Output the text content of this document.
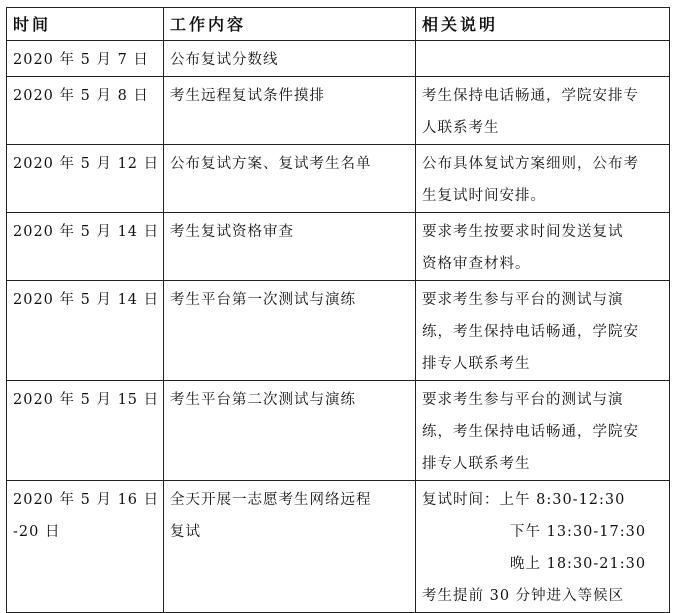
时间	工作内容	相关说明

2020 年 5 月 7 日	公布复试分数线	

2020 年 5 月 8 日	考生远程复试条件摸排	考生保持电话畅通，学院安排专
人联系考生

2020 年 5 月 12 日	公布复试方案、复试考生名单	公布具体复试方案细则，公布考
生复试时间安排。

2020 年 5 月 14 日	考生复试资格审查	要求考生按要求时间发送复试
资格审查材料。

2020 年 5 月 14 日	考生平台第一次测试与演练	要求考生参与平台的测试与演
练，考生保持电话畅通，学院安
排专人联系考生

2020 年 5 月 15 日	考生平台第二次测试与演练	要求考生参与平台的测试与演
练，考生保持电话畅通，学院安
排专人联系考生

2020 年 5 月 16 日
-20 日	全天开展一志愿考生网络远程
复试	复试时间：上午 8:30-12:30
下午 13:30-17:30
晚上 18:30-21:30
考生提前 30 分钟进入等候区
